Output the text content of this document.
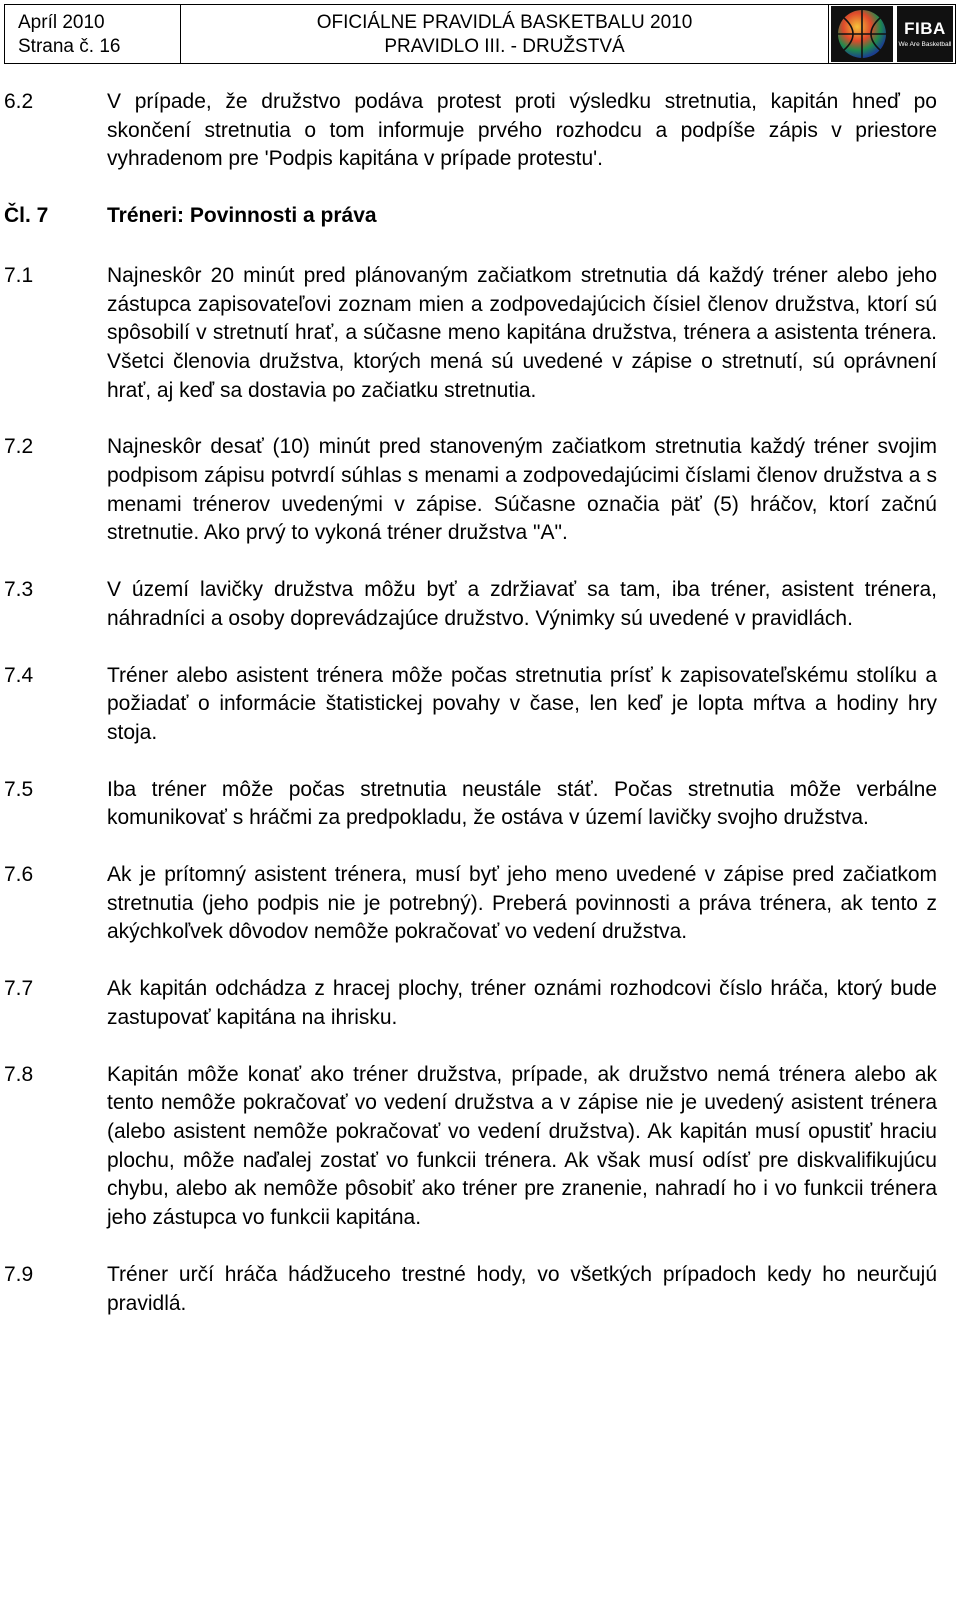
Apríl 2010
Strana č. 16
OFICIÁLNE PRAVIDLÁ BASKETBALU 2010
PRAVIDLO III. - DRUŽSTVÁ
FIBA
We Are Basketball
6.2	V prípade, že družstvo podáva protest proti výsledku stretnutia, kapitán hneď po skončení stretnutia o tom informuje prvého rozhodcu a podpíše zápis v priestore vyhradenom pre 'Podpis kapitána v prípade protestu'.
Čl. 7	Tréneri: Povinnosti a práva
7.1	Najneskôr 20 minút pred plánovaným začiatkom stretnutia dá každý tréner alebo jeho zástupca zapisovateľovi zoznam mien a zodpovedajúcich čísiel členov družstva, ktorí sú spôsobilí v stretnutí hrať, a súčasne meno kapitána družstva, trénera a asistenta trénera. Všetci členovia družstva, ktorých mená sú uvedené v zápise o stretnutí, sú oprávnení hrať, aj keď sa dostavia po začiatku stretnutia.
7.2	Najneskôr desať (10) minút pred stanoveným začiatkom stretnutia každý tréner svojim podpisom zápisu potvrdí súhlas s menami a zodpovedajúcimi číslami členov družstva a s menami trénerov uvedenými v zápise. Súčasne označia päť (5) hráčov, ktorí začnú stretnutie. Ako prvý to vykoná tréner družstva "A".
7.3	V území lavičky družstva môžu byť a zdržiavať sa tam, iba tréner, asistent trénera, náhradníci a osoby doprevádzajúce družstvo. Výnimky sú uvedené v pravidlách.
7.4	Tréner alebo asistent trénera môže počas stretnutia prísť k zapisovateľskému stolíku a požiadať o informácie štatistickej povahy v čase, len keď je lopta mŕtva a hodiny hry stoja.
7.5	Iba tréner môže počas stretnutia neustále stáť. Počas stretnutia môže verbálne komunikovať s hráčmi za predpokladu, že ostáva v území lavičky svojho družstva.
7.6	Ak je prítomný asistent trénera, musí byť jeho meno uvedené v zápise pred začiatkom stretnutia (jeho podpis nie je potrebný). Preberá povinnosti a práva trénera, ak tento z akýchkoľvek dôvodov nemôže pokračovať vo vedení družstva.
7.7	Ak kapitán odchádza z hracej plochy, tréner oznámi rozhodcovi číslo hráča, ktorý bude zastupovať kapitána na ihrisku.
7.8	Kapitán môže konať ako tréner družstva, prípade, ak družstvo nemá trénera alebo ak tento nemôže pokračovať vo vedení družstva a v zápise nie je uvedený asistent trénera (alebo asistent nemôže pokračovať vo vedení družstva). Ak kapitán musí opustiť hraciu plochu, môže naďalej zostať vo funkcii trénera. Ak však musí odísť pre diskvalifikujúcu chybu, alebo ak nemôže pôsobiť ako tréner pre zranenie, nahradí ho i vo funkcii trénera jeho zástupca vo funkcii kapitána.
7.9	Tréner určí hráča hádžuceho trestné hody, vo všetkých prípadoch kedy ho neurčujú pravidlá.
